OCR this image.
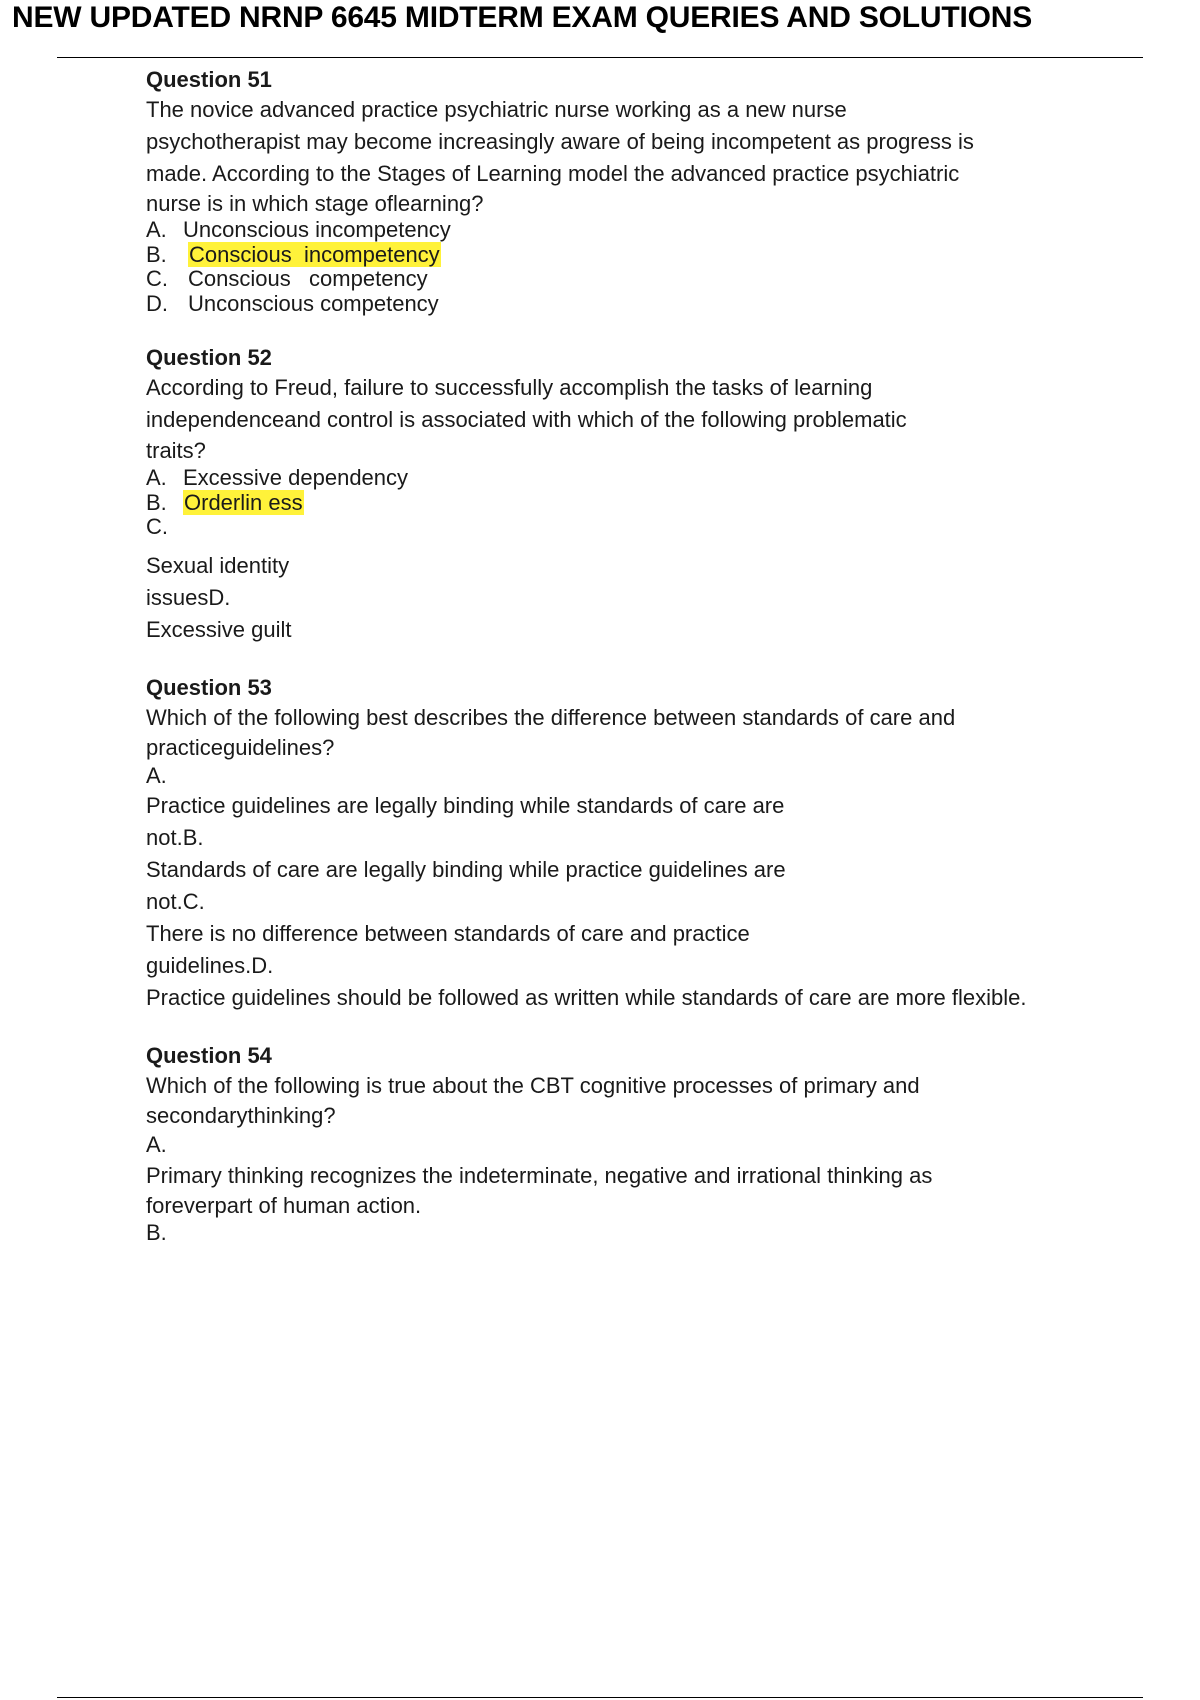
NEW UPDATED NRNP 6645 MIDTERM EXAM QUERIES AND SOLUTIONS

Question 51

The novice advanced practice psychiatric nurse working as a new nurse

psychotherapist may become increasingly aware of being incompetent as progress is

made. According to the Stages of Learning model the advanced practice psychiatric

nurse is in which stage oflearning?

A. Unconscious incompetency

B. Conscious  incompetency

C. Conscious   competency

D. Unconscious competency

Question 52

According to Freud, failure to successfully accomplish the tasks of learning

independenceand control is associated with which of the following problematic

traits?

A. Excessive dependency

B. Orderlin ess

C.

Sexual identity

issuesD.

Excessive guilt

Question 53

Which of the following best describes the difference between standards of care and

practiceguidelines?

A.

Practice guidelines are legally binding while standards of care are

not.B.

Standards of care are legally binding while practice guidelines are

not.C.

There is no difference between standards of care and practice

guidelines.D.

Practice guidelines should be followed as written while standards of care are more flexible.

Question 54

Which of the following is true about the CBT cognitive processes of primary and

secondarythinking?

A.

Primary thinking recognizes the indeterminate, negative and irrational thinking as

foreverpart of human action.

B.
